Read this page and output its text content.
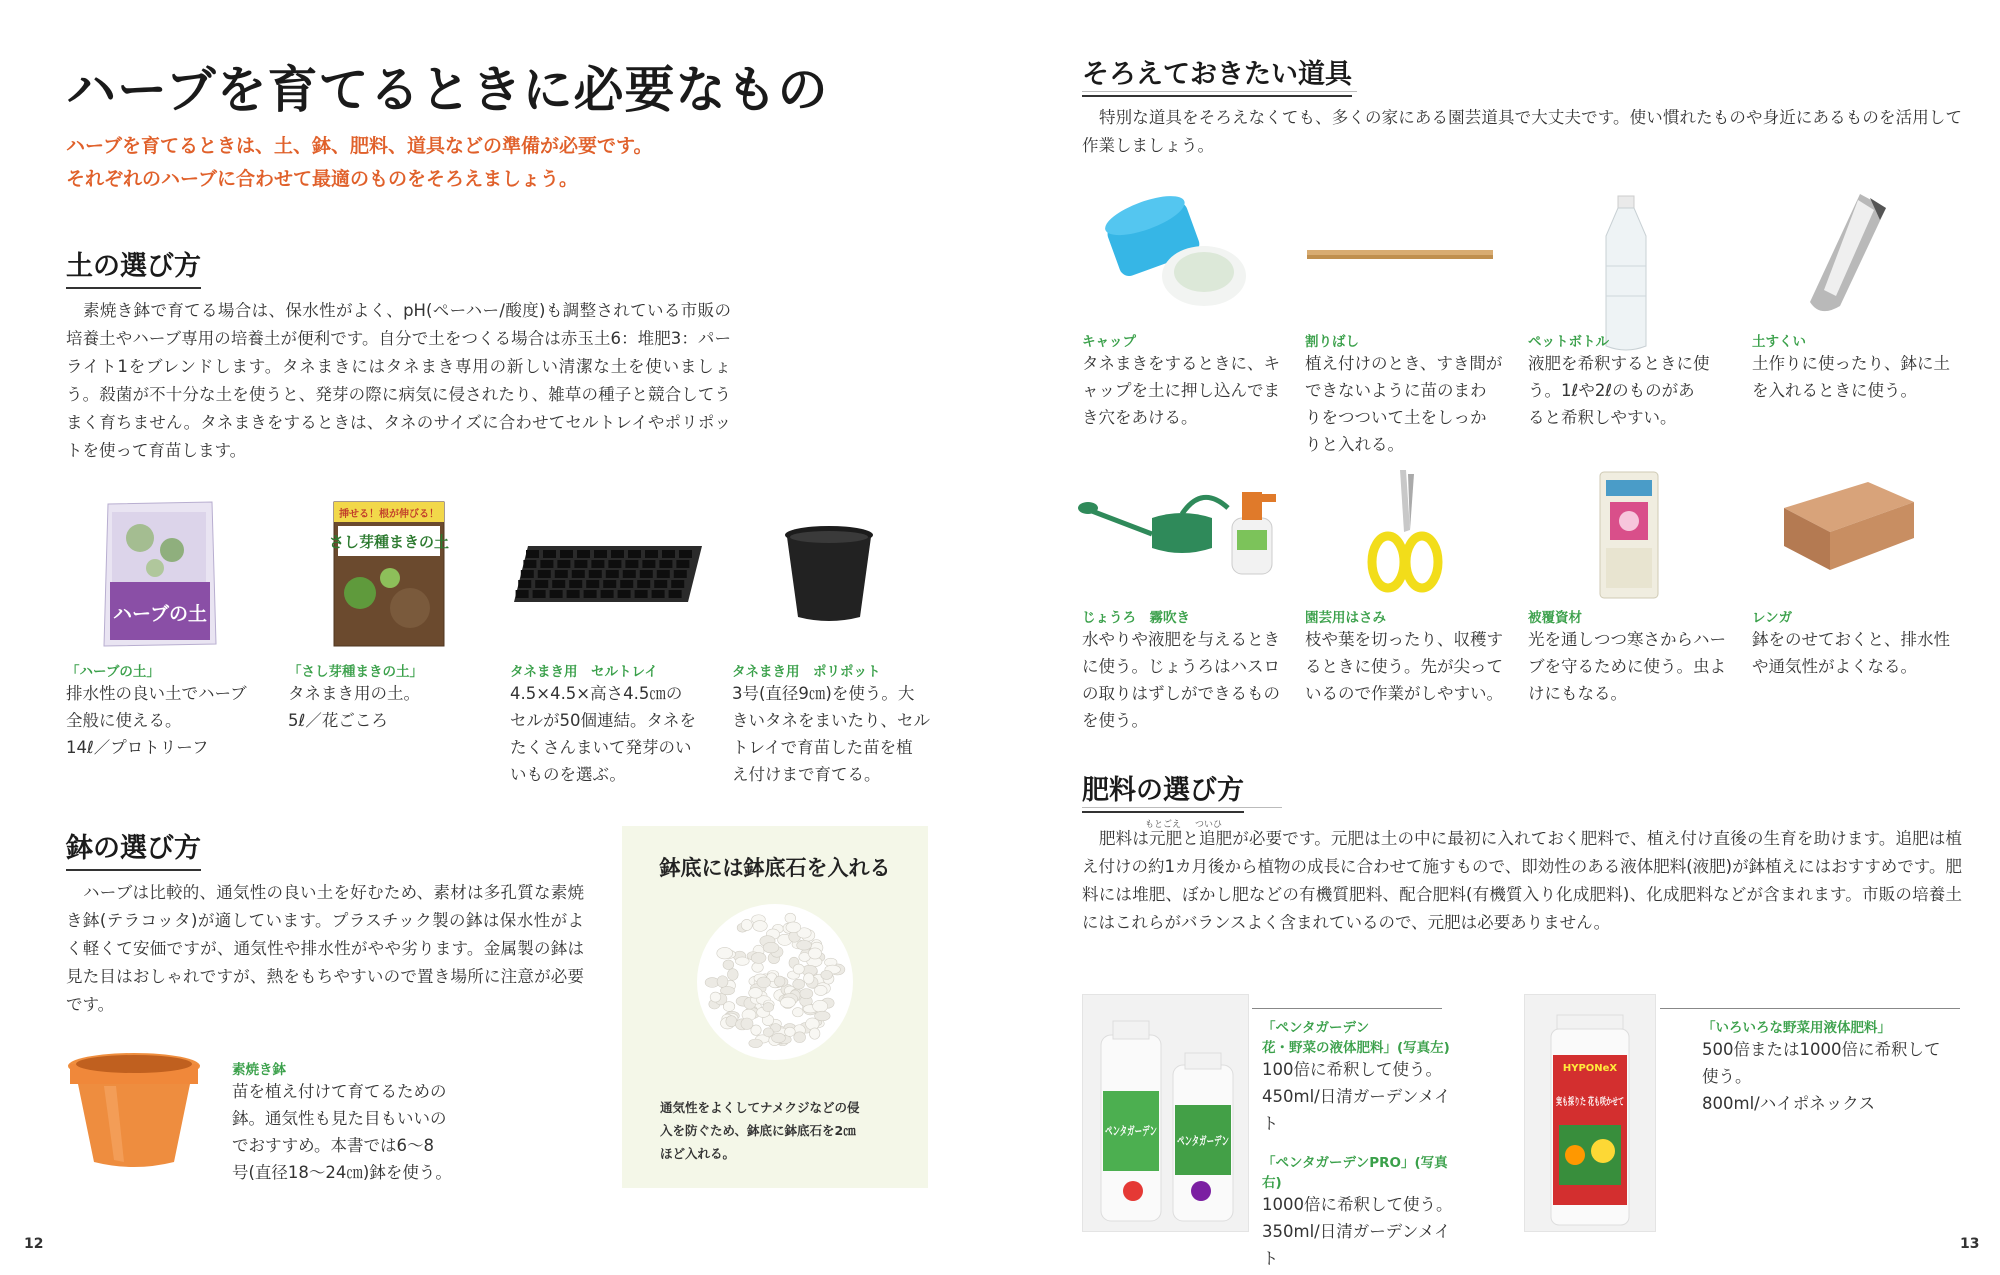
ハーブを育てるときに必要なもの
ハーブを育てるときは、土、鉢、肥料、道具などの準備が必要です。
それぞれのハーブに合わせて最適のものをそろえましょう。
土の選び方
素焼き鉢で育てる場合は、保水性がよく、pH(ペーハー/酸度)も調整されている市販の培養土やハーブ専用の培養土が便利です。自分で土をつくる場合は赤玉土6：堆肥3：パーライト1をブレンドします。タネまきにはタネまき専用の新しい清潔な土を使いましょう。殺菌が不十分な土を使うと、発芽の際に病気に侵されたり、雑草の種子と競合してうまく育ちません。タネまきをするときは、タネのサイズに合わせてセルトレイやポリポットを使って育苗します。
ハーブの土
挿せる！根が伸びる！
さし芽種まきの土
「ハーブの土」
排水性の良い土でハーブ
全般に使える。
14ℓ／プロトリーフ
「さし芽種まきの土」
タネまき用の土。
5ℓ／花ごころ
タネまき用　セルトレイ
4.5×4.5×高さ4.5㎝の
セルが50個連結。タネを
たくさんまいて発芽のい
いものを選ぶ。
タネまき用　ポリポット
3号(直径9㎝)を使う。大
きいタネをまいたり、セル
トレイで育苗した苗を植
え付けまで育てる。
鉢の選び方
ハーブは比較的、通気性の良い土を好むため、素材は多孔質な素焼き鉢(テラコッタ)が適しています。プラスチック製の鉢は保水性がよく軽くて安価ですが、通気性や排水性がやや劣ります。金属製の鉢は見た目はおしゃれですが、熱をもちやすいので置き場所に注意が必要です。
素焼き鉢
苗を植え付けて育てるための
鉢。通気性も見た目もいいの
でおすすめ。本書では6〜8
号(直径18〜24㎝)鉢を使う。
鉢底には鉢底石を入れる
通気性をよくしてナメクジなどの侵
入を防ぐため、鉢底に鉢底石を2㎝
ほど入れる。
12
そろえておきたい道具
特別な道具をそろえなくても、多くの家にある園芸道具で大丈夫です。使い慣れたものや身近にあるものを活用して作業しましょう。
キャップ
タネまきをするときに、キ
ャップを土に押し込んでま
き穴をあける。
割りばし
植え付けのとき、すき間が
できないように苗のまわ
りをつついて土をしっか
りと入れる。
ペットボトル
液肥を希釈するときに使
う。1ℓや2ℓのものがあ
ると希釈しやすい。
土すくい
土作りに使ったり、鉢に土
を入れるときに使う。
じょうろ　霧吹き
水やりや液肥を与えるとき
に使う。じょうろはハスロ
の取りはずしができるもの
を使う。
園芸用はさみ
枝や葉を切ったり、収穫す
るときに使う。先が尖って
いるので作業がしやすい。
被覆資材
光を通しつつ寒さからハー
ブを守るために使う。虫よ
けにもなる。
レンガ
鉢をのせておくと、排水性
や通気性がよくなる。
肥料の選び方
もとごえ ついひ
肥料は元肥と追肥が必要です。元肥は土の中に最初に入れておく肥料で、植え付け直後の生育を助けます。追肥は植え付けの約1カ月後から植物の成長に合わせて施すもので、即効性のある液体肥料(液肥)が鉢植えにはおすすめです。肥料には堆肥、ぼかし肥などの有機質肥料、配合肥料(有機質入り化成肥料)、化成肥料などが含まれます。市販の培養土にはこれらがバランスよく含まれているので、元肥は必要ありません。
ペンタガーデン
ペンタガーデン
「ペンタガーデン
花・野菜の液体肥料」(写真左)
100倍に希釈して使う。
450ml/日清ガーデンメイト
「ペンタガーデンPRO」(写真右)
1000倍に希釈して使う。
350ml/日清ガーデンメイト
HYPONeX
実も採りた 花も咲かせて
「いろいろな野菜用液体肥料」
500倍または1000倍に希釈して
使う。
800ml/ハイポネックス
13
